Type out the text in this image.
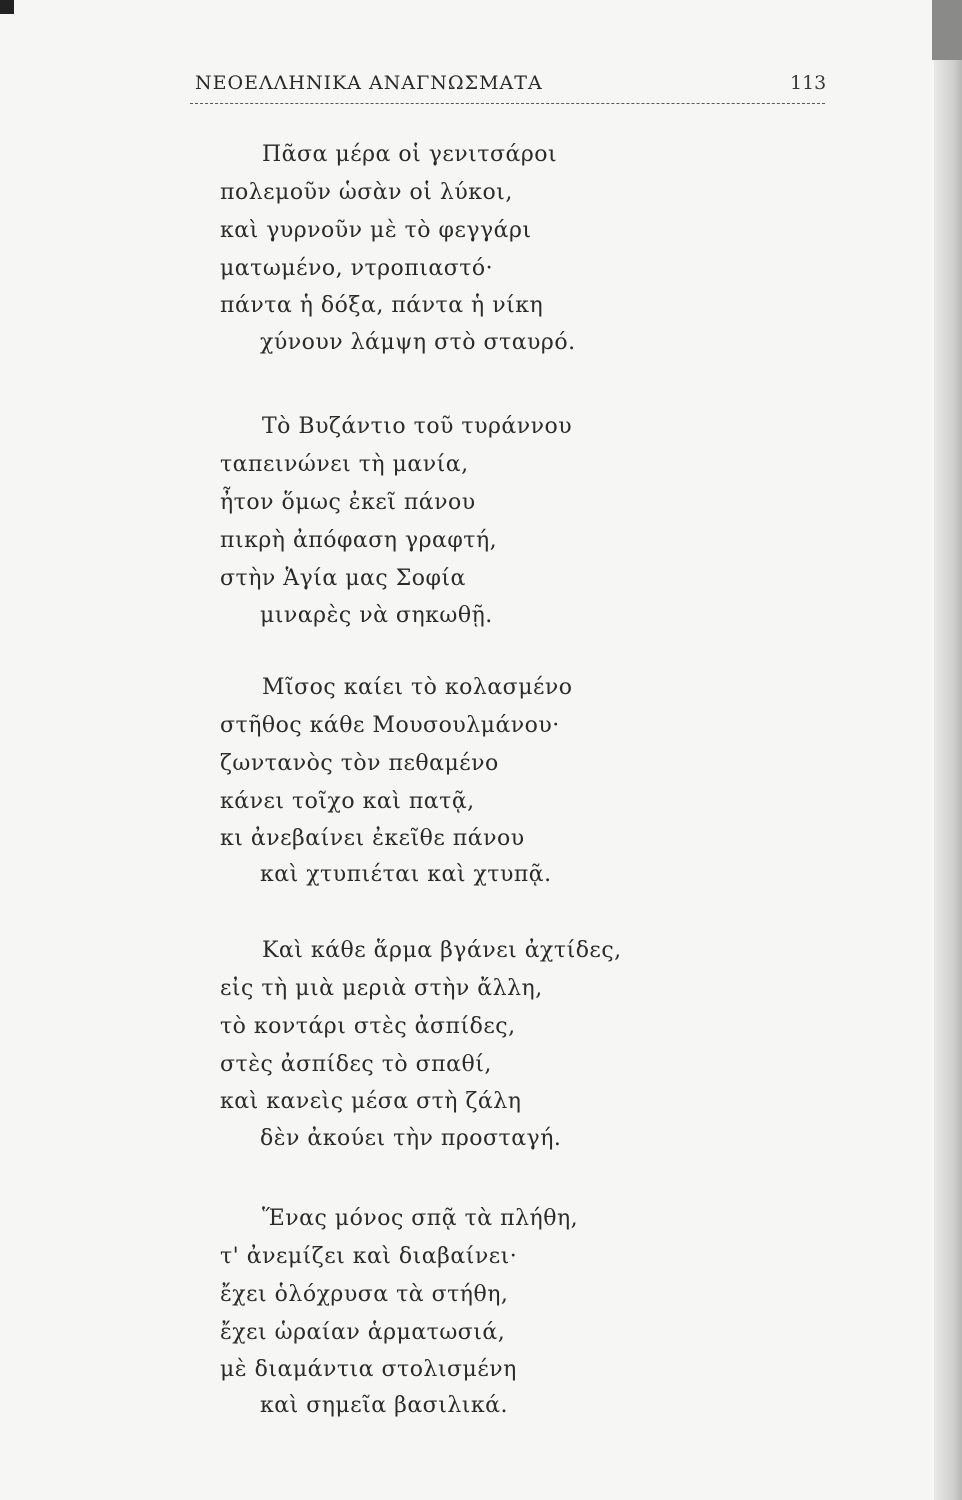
ΝΕΟΕΛΛΗΝΙΚΑ ΑΝΑΓΝΩΣΜΑΤΑ	113
Πᾶσα μέρα οἱ γενιτσάροι
πολεμοῦν ὡσὰν οἱ λύκοι,
καὶ γυρνοῦν μὲ τὸ φεγγάρι
ματωμένο, ντροπιαστό·
πάντα ἡ δόξα, πάντα ἡ νίκη
χύνουν λάμψη στὸ σταυρό.
Τὸ Βυζάντιο τοῦ τυράννου
ταπεινώνει τὴ μανία,
ἦτον ὅμως ἐκεῖ πάνου
πικρὴ ἀπόφαση γραφτή,
στὴν Ἁγία μας Σοφία
μιναρὲς νὰ σηκωθῇ.
Μῖσος καίει τὸ κολασμένο
στῆθος κάθε Μουσουλμάνου·
ζωντανὸς τὸν πεθαμένο
κάνει τοῖχο καὶ πατᾷ,
κι ἀνεβαίνει ἐκεῖθε πάνου
καὶ χτυπιέται καὶ χτυπᾷ.
Καὶ κάθε ἅρμα βγάνει ἀχτίδες,
εἰς τὴ μιὰ μεριὰ στὴν ἄλλη,
τὸ κοντάρι στὲς ἀσπίδες,
στὲς ἀσπίδες τὸ σπαθί,
καὶ κανεὶς μέσα στὴ ζάλη
δὲν ἀκούει τὴν προσταγή.
Ἕνας μόνος σπᾷ τὰ πλήθη,
τ' ἀνεμίζει καὶ διαβαίνει·
ἔχει ὁλόχρυσα τὰ στήθη,
ἔχει ὡραίαν ἁρματωσιά,
μὲ διαμάντια στολισμένη
καὶ σημεῖα βασιλικά.
